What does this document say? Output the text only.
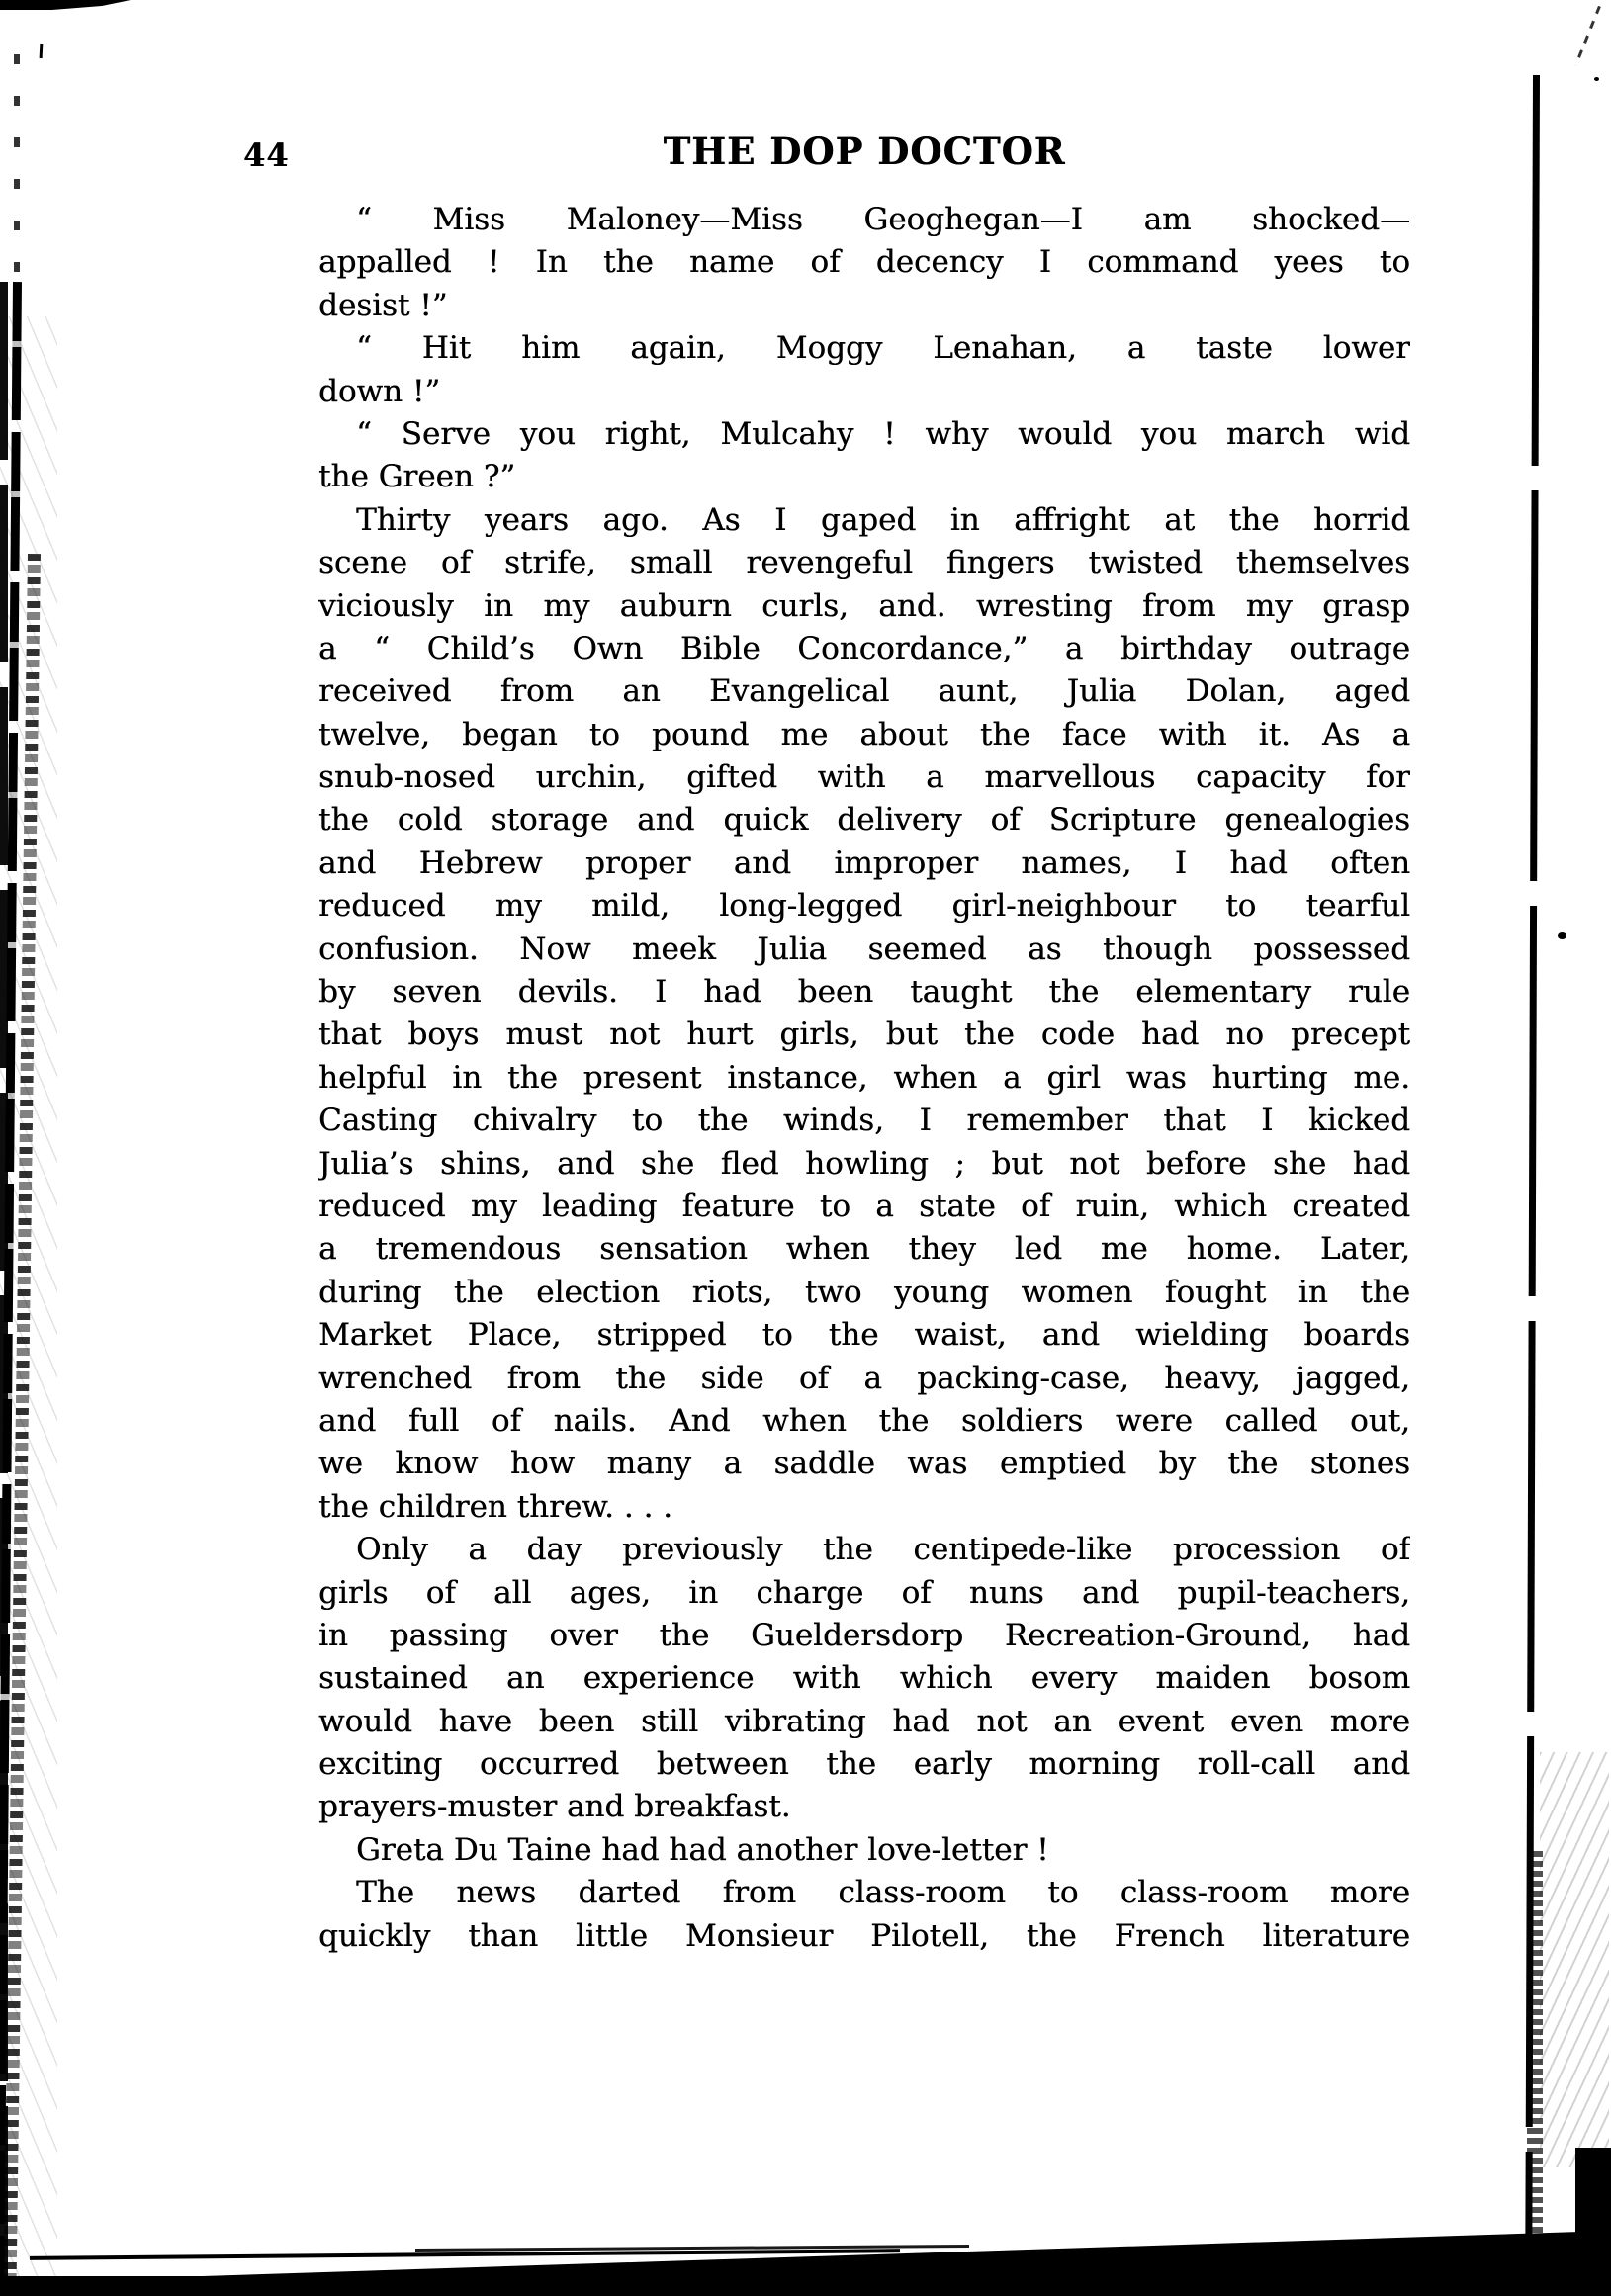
44	THE DOP DOCTOR
“ Miss Maloney—Miss Geoghegan—I am shocked—
appalled ! In the name of decency I command yees to
desist !”
“ Hit him again, Moggy Lenahan, a taste lower
down !”
“ Serve you right, Mulcahy ! why would you march wid
the Green ?”
Thirty years ago. As I gaped in affright at the horrid
scene of strife, small revengeful fingers twisted themselves
viciously in my auburn curls, and. wresting from my grasp
a “ Child’s Own Bible Concordance,” a birthday outrage
received from an Evangelical aunt, Julia Dolan, aged
twelve, began to pound me about the face with it. As a
snub-nosed urchin, gifted with a marvellous capacity for
the cold storage and quick delivery of Scripture genealogies
and Hebrew proper and improper names, I had often
reduced my mild, long-legged girl-neighbour to tearful
confusion. Now meek Julia seemed as though possessed
by seven devils. I had been taught the elementary rule
that boys must not hurt girls, but the code had no precept
helpful in the present instance, when a girl was hurting me.
Casting chivalry to the winds, I remember that I kicked
Julia’s shins, and she fled howling ; but not before she had
reduced my leading feature to a state of ruin, which created
a tremendous sensation when they led me home. Later,
during the election riots, two young women fought in the
Market Place, stripped to the waist, and wielding boards
wrenched from the side of a packing-case, heavy, jagged,
and full of nails. And when the soldiers were called out,
we know how many a saddle was emptied by the stones
the children threw. . . .
Only a day previously the centipede-like procession of
girls of all ages, in charge of nuns and pupil-teachers,
in passing over the Gueldersdorp Recreation-Ground, had
sustained an experience with which every maiden bosom
would have been still vibrating had not an event even more
exciting occurred between the early morning roll-call and
prayers-muster and breakfast.
Greta Du Taine had had another love-letter !
The news darted from class-room to class-room more
quickly than little Monsieur Pilotell, the French literature
